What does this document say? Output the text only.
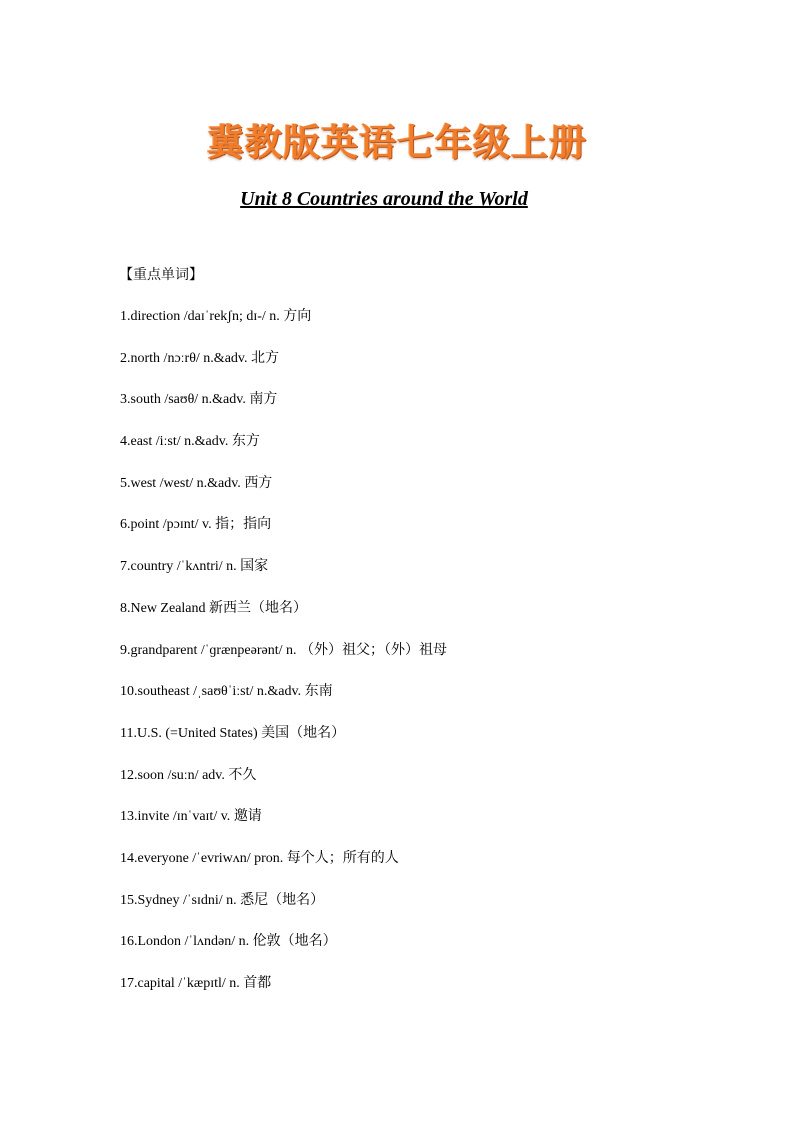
冀教版英语七年级上册
Unit 8 Countries around the World
【重点单词】
1.direction /daɪˈrekʃn; dɪ-/ n. 方向
2.north /nɔːrθ/ n.&adv. 北方
3.south /saʊθ/ n.&adv. 南方
4.east /iːst/ n.&adv. 东方
5.west /west/ n.&adv. 西方
6.point /pɔɪnt/ v. 指；指向
7.country /ˈkʌntri/ n. 国家
8.New Zealand 新西兰（地名）
9.grandparent /ˈɡrænpeərənt/ n. （外）祖父；（外）祖母
10.southeast /ˌsaʊθˈiːst/ n.&adv. 东南
11.U.S. (=United States) 美国（地名）
12.soon /suːn/ adv. 不久
13.invite /ɪnˈvaɪt/ v. 邀请
14.everyone /ˈevriwʌn/ pron. 每个人；所有的人
15.Sydney /ˈsɪdni/ n. 悉尼（地名）
16.London /ˈlʌndən/ n. 伦敦（地名）
17.capital /ˈkæpɪtl/ n. 首都
